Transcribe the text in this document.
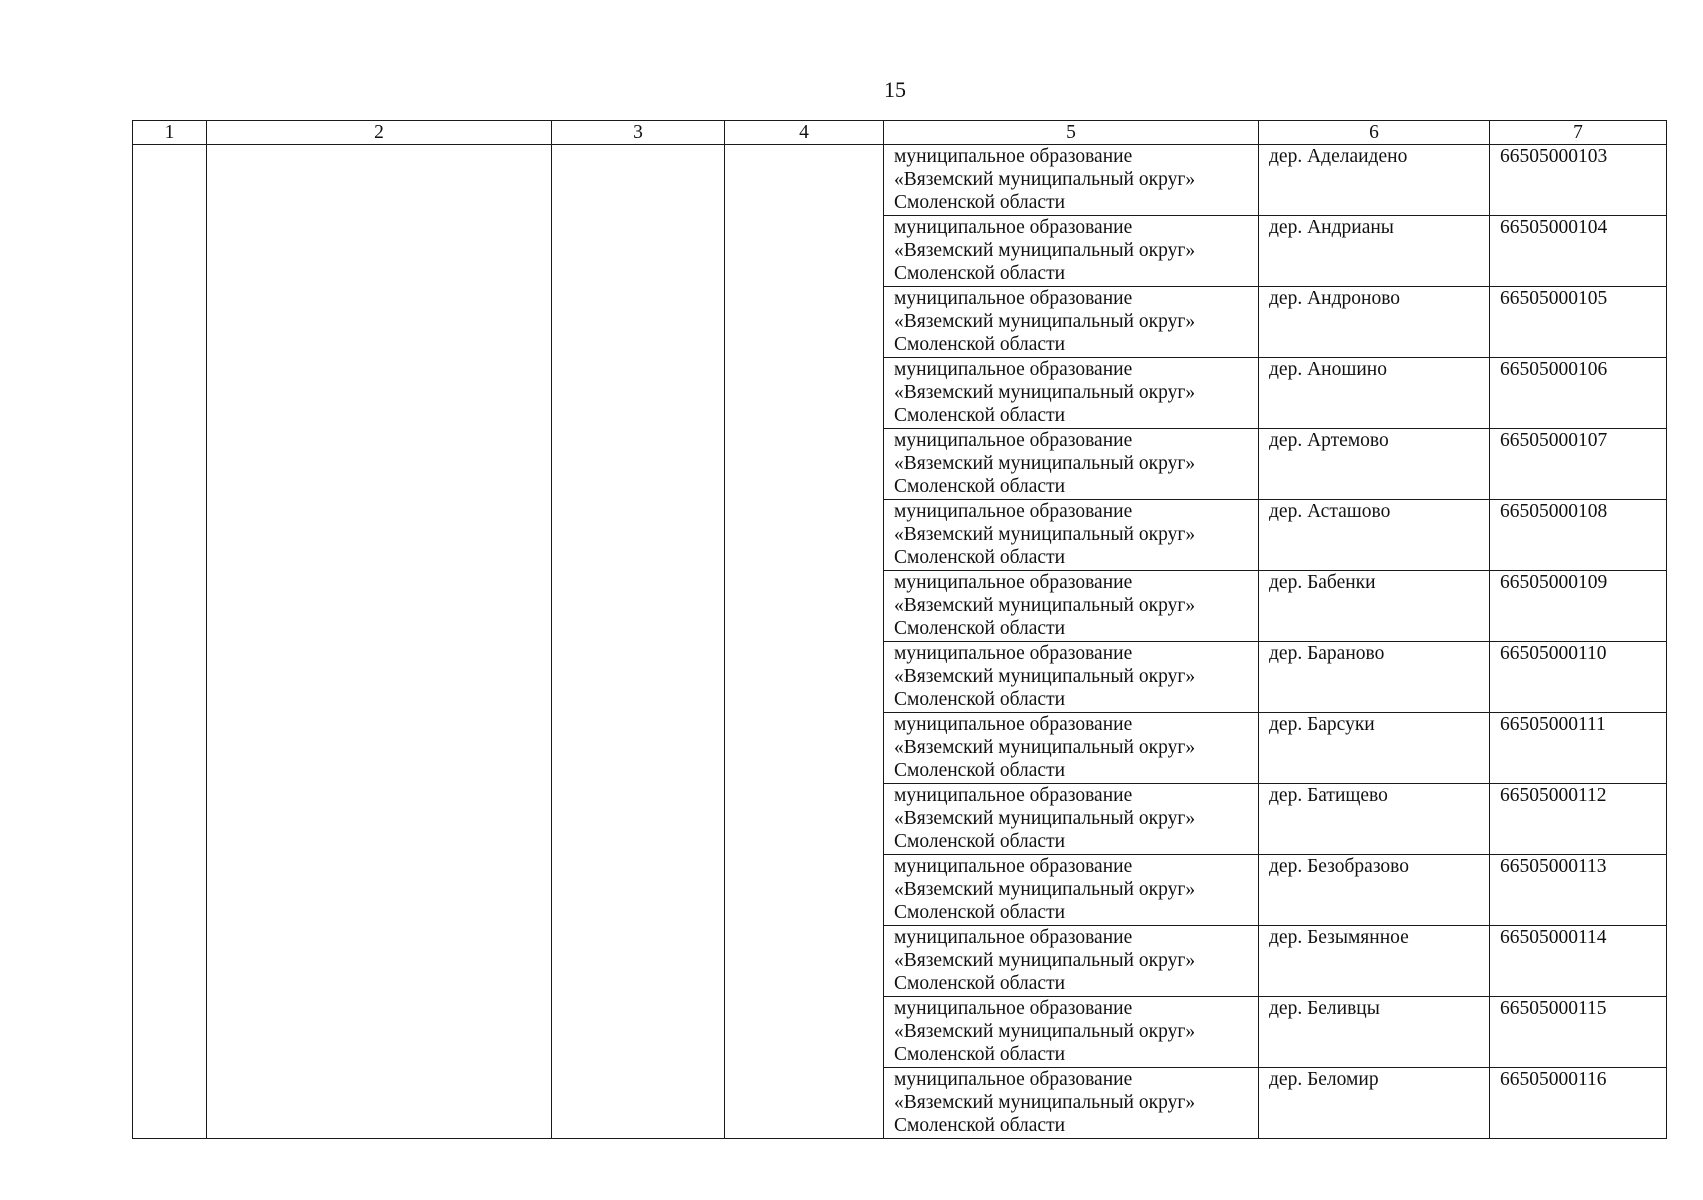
15
1	2	3	4	5	6	7

				муниципальное образование
«Вяземский муниципальный округ»
Смоленской области	дер. Аделаидено	66505000103

				муниципальное образование
«Вяземский муниципальный округ»
Смоленской области	дер. Андрианы	66505000104

				муниципальное образование
«Вяземский муниципальный округ»
Смоленской области	дер. Андроново	66505000105

				муниципальное образование
«Вяземский муниципальный округ»
Смоленской области	дер. Аношино	66505000106

				муниципальное образование
«Вяземский муниципальный округ»
Смоленской области	дер. Артемово	66505000107

				муниципальное образование
«Вяземский муниципальный округ»
Смоленской области	дер. Асташово	66505000108

				муниципальное образование
«Вяземский муниципальный округ»
Смоленской области	дер. Бабенки	66505000109

				муниципальное образование
«Вяземский муниципальный округ»
Смоленской области	дер. Бараново	66505000110

				муниципальное образование
«Вяземский муниципальный округ»
Смоленской области	дер. Барсуки	66505000111

				муниципальное образование
«Вяземский муниципальный округ»
Смоленской области	дер. Батищево	66505000112

				муниципальное образование
«Вяземский муниципальный округ»
Смоленской области	дер. Безобразово	66505000113

				муниципальное образование
«Вяземский муниципальный округ»
Смоленской области	дер. Безымянное	66505000114

				муниципальное образование
«Вяземский муниципальный округ»
Смоленской области	дер. Беливцы	66505000115

				муниципальное образование
«Вяземский муниципальный округ»
Смоленской области	дер. Беломир	66505000116
